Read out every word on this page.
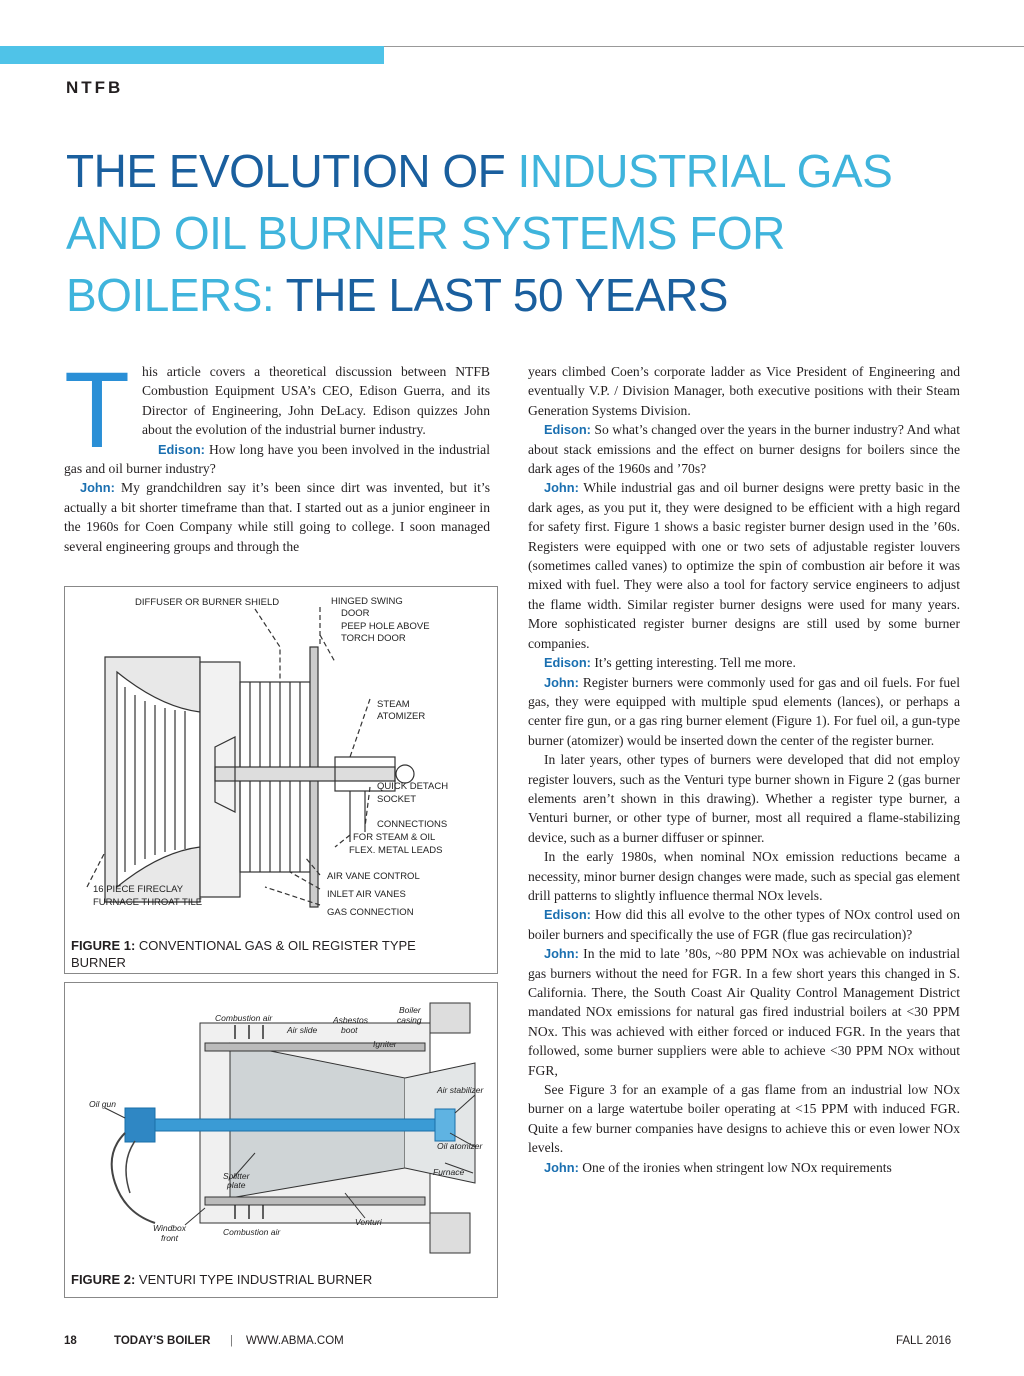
NTFB
THE EVOLUTION OF INDUSTRIAL GAS AND OIL BURNER SYSTEMS FOR BOILERS: THE LAST 50 YEARS

This article covers a theoretical discussion between NTFB Combustion Equipment USA’s CEO, Edison Guerra, and its Director of Engineering, John DeLacy. Edison quizzes John about the evolution of the industrial burner industry.

Edison: How long have you been involved in the industrial gas and oil burner industry?

John: My grandchildren say it’s been since dirt was invented, but it’s actually a bit shorter timeframe than that. I started out as a junior engineer in the 1960s for Coen Company while still going to college. I soon managed several engineering groups and through the

DIFFUSER OR BURNER SHIELD	HINGED SWING
DOOR
PEEP HOLE ABOVE
TORCH DOOR
STEAM
ATOMIZER
QUICK DETACH
SOCKET
CONNECTIONS
FOR STEAM & OIL
FLEX. METAL LEADS
AIR VANE CONTROL
INLET AIR VANES
GAS CONNECTION
16 PIECE FIRECLAY
FURNACE THROAT TILE
FIGURE 1: CONVENTIONAL GAS & OIL REGISTER TYPE BURNER
Combustion air
Air slide
Asbestos
boot
Boiler
casing
Igniter
Oil gun
Air stabilizer
Oil atomizer
Furnace
Splitter
plate
Venturi
Windbox
front
Combustion air
FIGURE 2: VENTURI TYPE INDUSTRIAL BURNER

years climbed Coen’s corporate ladder as Vice President of Engineering and eventually V.P. / Division Manager, both executive positions with their Steam Generation Systems Division.

Edison: So what’s changed over the years in the burner industry? And what about stack emissions and the effect on burner designs for boilers since the dark ages of the 1960s and ’70s?

John: While industrial gas and oil burner designs were pretty basic in the dark ages, as you put it, they were designed to be efficient with a high regard for safety first. Figure 1 shows a basic register burner design used in the ’60s. Registers were equipped with one or two sets of adjustable register louvers (sometimes called vanes) to optimize the spin of combustion air before it was mixed with fuel. They were also a tool for factory service engineers to adjust the flame width. Similar register burner designs were used for many years. More sophisticated register burner designs are still used by some burner companies.

Edison: It’s getting interesting. Tell me more.

John: Register burners were commonly used for gas and oil fuels. For fuel gas, they were equipped with multiple spud elements (lances), or perhaps a center fire gun, or a gas ring burner element (Figure 1). For fuel oil, a gun-type burner (atomizer) would be inserted down the center of the register burner.

In later years, other types of burners were developed that did not employ register louvers, such as the Venturi type burner shown in Figure 2 (gas burner elements aren’t shown in this drawing). Whether a register type burner, a Venturi burner, or other type of burner, most all required a flame-stabilizing device, such as a burner diffuser or spinner.

In the early 1980s, when nominal NOx emission reductions became a necessity, minor burner design changes were made, such as special gas element drill patterns to slightly influence thermal NOx levels.

Edison: How did this all evolve to the other types of NOx control used on boiler burners and specifically the use of FGR (flue gas recirculation)?

John: In the mid to late ’80s, ~80 PPM NOx was achievable on industrial gas burners without the need for FGR. In a few short years this changed in S. California. There, the South Coast Air Quality Control Management District mandated NOx emissions for natural gas fired industrial boilers at <30 PPM NOx. This was achieved with either forced or induced FGR. In the years that followed, some burner suppliers were able to achieve <30 PPM NOx without FGR,

See Figure 3 for an example of a gas flame from an industrial low NOx burner on a large watertube boiler operating at <15 PPM with induced FGR. Quite a few burner companies have designs to achieve this or even lower NOx levels.

John: One of the ironies when stringent low NOx requirements

18	TODAY’S BOILER | WWW.ABMA.COM	FALL 2016
